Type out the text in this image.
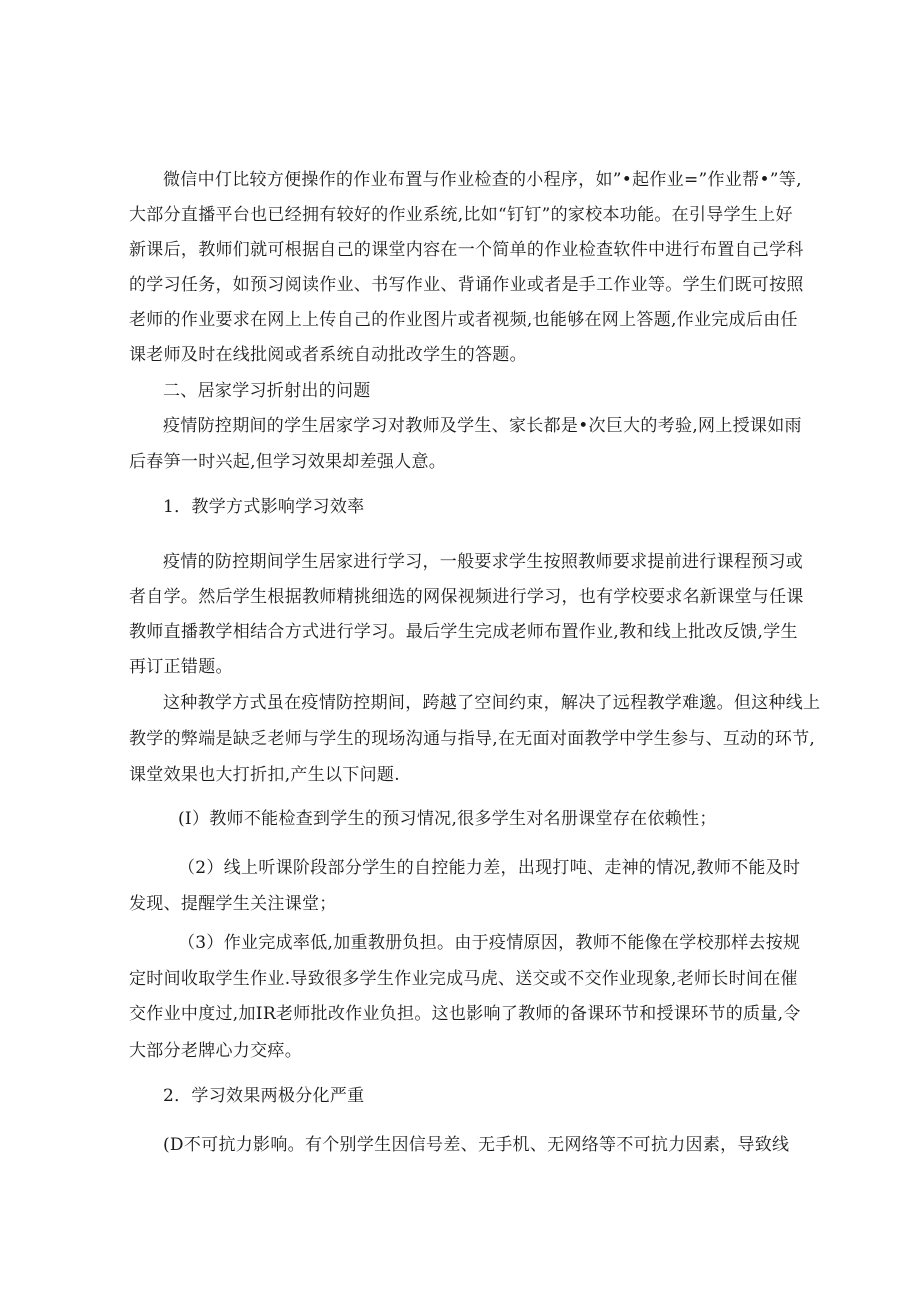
微信中仃比较方便操作的作业布置与作业检查的小程序，如”•起作业=”作业帮•”等,
大部分直播平台也已经拥有较好的作业系统,比如“钉钉”的家校本功能。在引导学生上好
新课后，教师们就可根据自己的课堂内容在一个简单的作业检查软件中进行布置自己学科
的学习任务，如预习阅读作业、书写作业、背诵作业或者是手工作业等。学生们既可按照
老师的作业要求在网上上传自己的作业图片或者视频,也能够在网上答题,作业完成后由任
课老师及时在线批阅或者系统自动批改学生的答题。
二、居家学习折射出的问题
疫情防控期间的学生居家学习对教师及学生、家长都是•次巨大的考验,网上授课如雨
后春笋一时兴起,但学习效果却差强人意。
1．教学方式影响学习效率
疫情的防控期间学生居家进行学习，一般要求学生按照教师要求提前进行课程预习或
者自学。然后学生根据教师精挑细选的网保视频进行学习，也有学校要求名新课堂与任课
教师直播教学相结合方式进行学习。最后学生完成老师布置作业,教和线上批改反馈,学生
再订正错题。
这种教学方式虽在疫情防控期间，跨越了空间约束，解决了远程教学难邈。但这种线上
教学的弊端是缺乏老师与学生的现场沟通与指导,在无面对面教学中学生参与、互动的环节,
课堂效果也大打折扣,产生以下问题.
(I）教师不能检查到学生的预习情况,很多学生对名册课堂存在依赖性；
（2）线上听课阶段部分学生的自控能力差，出现打吨、走神的情况,教师不能及时
发现、提醒学生关注课堂；
（3）作业完成率低,加重教册负担。由于疫情原因，教师不能像在学校那样去按规
定时间收取学生作业.导致很多学生作业完成马虎、送交或不交作业现象,老师长时间在催
交作业中度过,加IR老师批改作业负担。这也影响了教师的备课环节和授课环节的质量,令
大部分老牌心力交瘁。
2．学习效果两极分化严重
(D不可抗力影响。有个别学生因信号差、无手机、无网络等不可抗力因素，导致线
